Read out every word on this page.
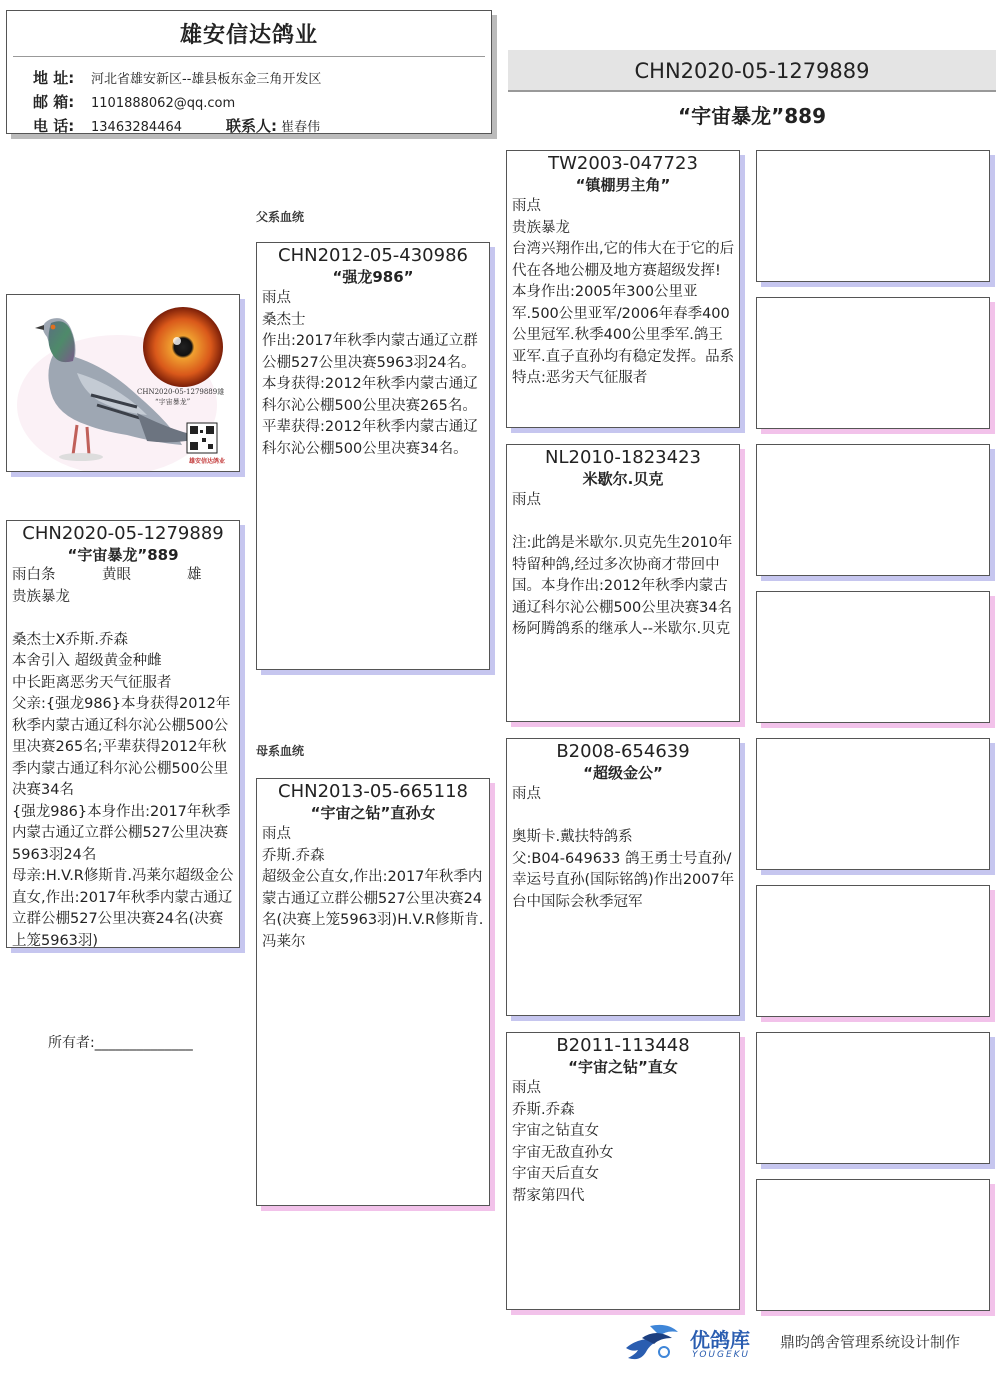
雄安信达鸽业
地 址: 河北省雄安新区--雄县板东金三角开发区
邮 箱: 1101888062@qq.com
电 话: 13463284464	联系人: 崔春伟
CHN2020-05-1279889
“宇宙暴龙”889
父系血统
母系血统
CHN2020-05-1279889雄
“宇宙暴龙”
雄安信达鸽业
CHN2020-05-1279889
“宇宙暴龙”889
雨白条	黄眼	雄
贵族暴龙

桑杰士X乔斯.乔森
本舍引入 超级黄金种雌
中长距离恶劣天气征服者
父亲:{强龙986}本身获得2012年秋季内蒙古通辽科尔沁公棚500公里决赛265名;平辈获得2012年秋季内蒙古通辽科尔沁公棚500公里决赛34名
{强龙986}本身作出:2017年秋季内蒙古通辽立群公棚527公里决赛5963羽24名
母亲:H.V.R修斯肯.冯莱尔超级金公直女,作出:2017年秋季内蒙古通辽立群公棚527公里决赛24名(决赛上笼5963羽)
CHN2012-05-430986
“强龙986”
雨点
桑杰士
作出:2017年秋季内蒙古通辽立群公棚527公里决赛5963羽24名。本身获得:2012年秋季内蒙古通辽科尔沁公棚500公里决赛265名。平辈获得:2012年秋季内蒙古通辽科尔沁公棚500公里决赛34名。
CHN2013-05-665118
“宇宙之钻”直孙女
雨点
乔斯.乔森
超级金公直女,作出:2017年秋季内蒙古通辽立群公棚527公里决赛24名(决赛上笼5963羽)H.V.R修斯肯.冯莱尔
TW2003-047723
“镇棚男主角”
雨点
贵族暴龙
台湾兴翔作出,它的伟大在于它的后代在各地公棚及地方赛超级发挥!本身作出:2005年300公里亚军.500公里亚军/2006年春季400公里冠军.秋季400公里季军.鸽王亚军.直子直孙均有稳定发挥。品系特点:恶劣天气征服者
NL2010-1823423
米歇尔.贝克
雨点

注:此鸽是米歇尔.贝克先生2010年特留种鸽,经过多次协商才带回中国。本身作出:2012年秋季内蒙古通辽科尔沁公棚500公里决赛34名杨阿腾鸽系的继承人--米歇尔.贝克
B2008-654639
“超级金公”
雨点

奥斯卡.戴扶特鸽系
父:B04-649633 鸽王勇士号直孙/幸运号直孙(国际铭鸽)作出2007年台中国际会秋季冠军
B2011-113448
“宇宙之钻”直女
雨点
乔斯.乔森
宇宙之钻直女
宇宙无敌直孙女
宇宙天后直女
帮家第四代
所有者:______________
优鸽库
YOUGEKU
鼎昀鸽舍管理系统设计制作
